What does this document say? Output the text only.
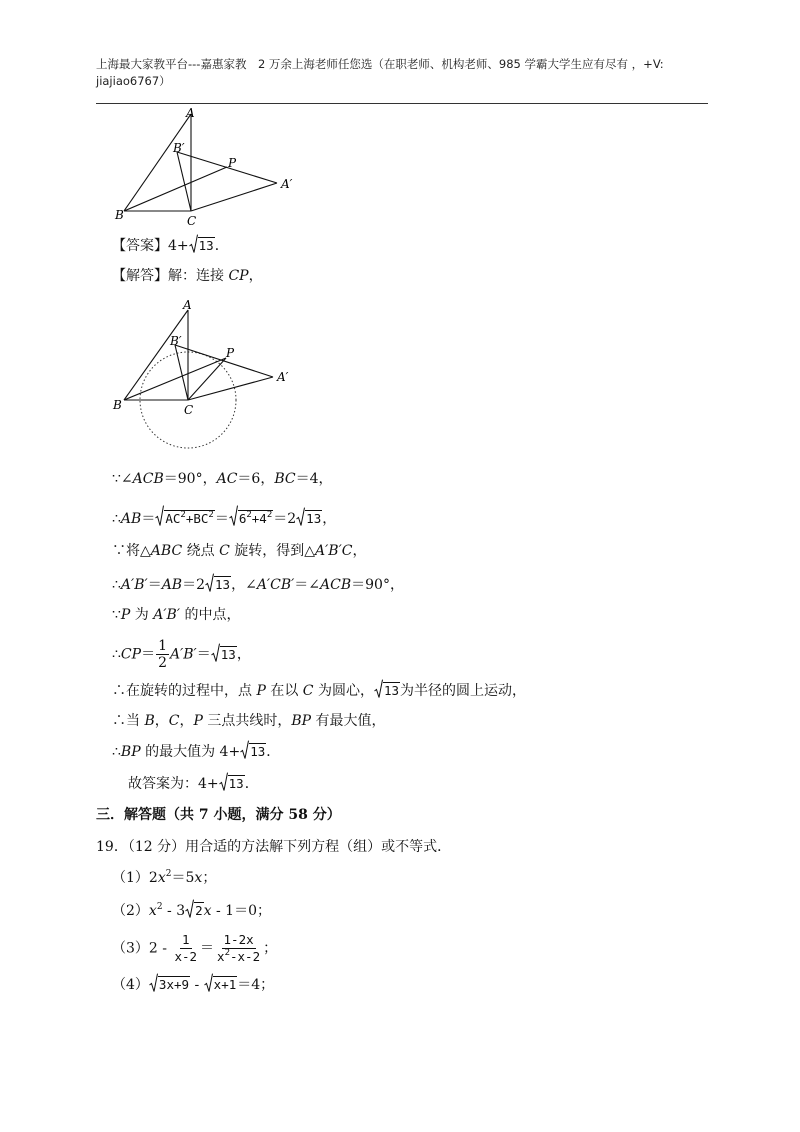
上海最大家教平台---嘉惠家教　2 万余上海老师任您选（在职老师、机构老师、985 学霸大学生应有尽有 ，+V: jiajiao6767）
A
B′
P
A′
B	C
【答案】4+ 13 ．
【解答】解：连接 CP，
A
B′
P
A′
B	C
∵∠ACB＝90°，AC＝6，BC＝4，
∴AB＝ $AC^2+BC^2 = 6^2+4^2 =2$ 13 ，
∵将△ABC 绕点 C 旋转，得到△A′B′C，
∴A′B′＝AB＝2 13 ，∠A′CB′＝∠ACB＝90°，
∵P 为 A′B′ 的中点，
∴CP＝ $\frac{1}{2} A'B'= 13$ ，
∴在旋转的过程中，点 P 在以 C 为圆心， 13 为半径的圆上运动，
∴当 B，C，P 三点共线时，BP 有最大值，
∴BP 的最大值为 4+ 13 ．
故答案为：4+ 13 ．
三．解答题（共 7 小题，满分 58 分）
19．（12 分）用合适的方法解下列方程（组）或不等式．
$(1)2x^2=5x$；
$(2)x^2 - 3$ 2 x - 1＝0；
$(3)2 - \frac{1}{x-2} = \frac{1-2x}{x^2-x-2}$ ；
（4） 3x+9 - x+1 ＝4；
